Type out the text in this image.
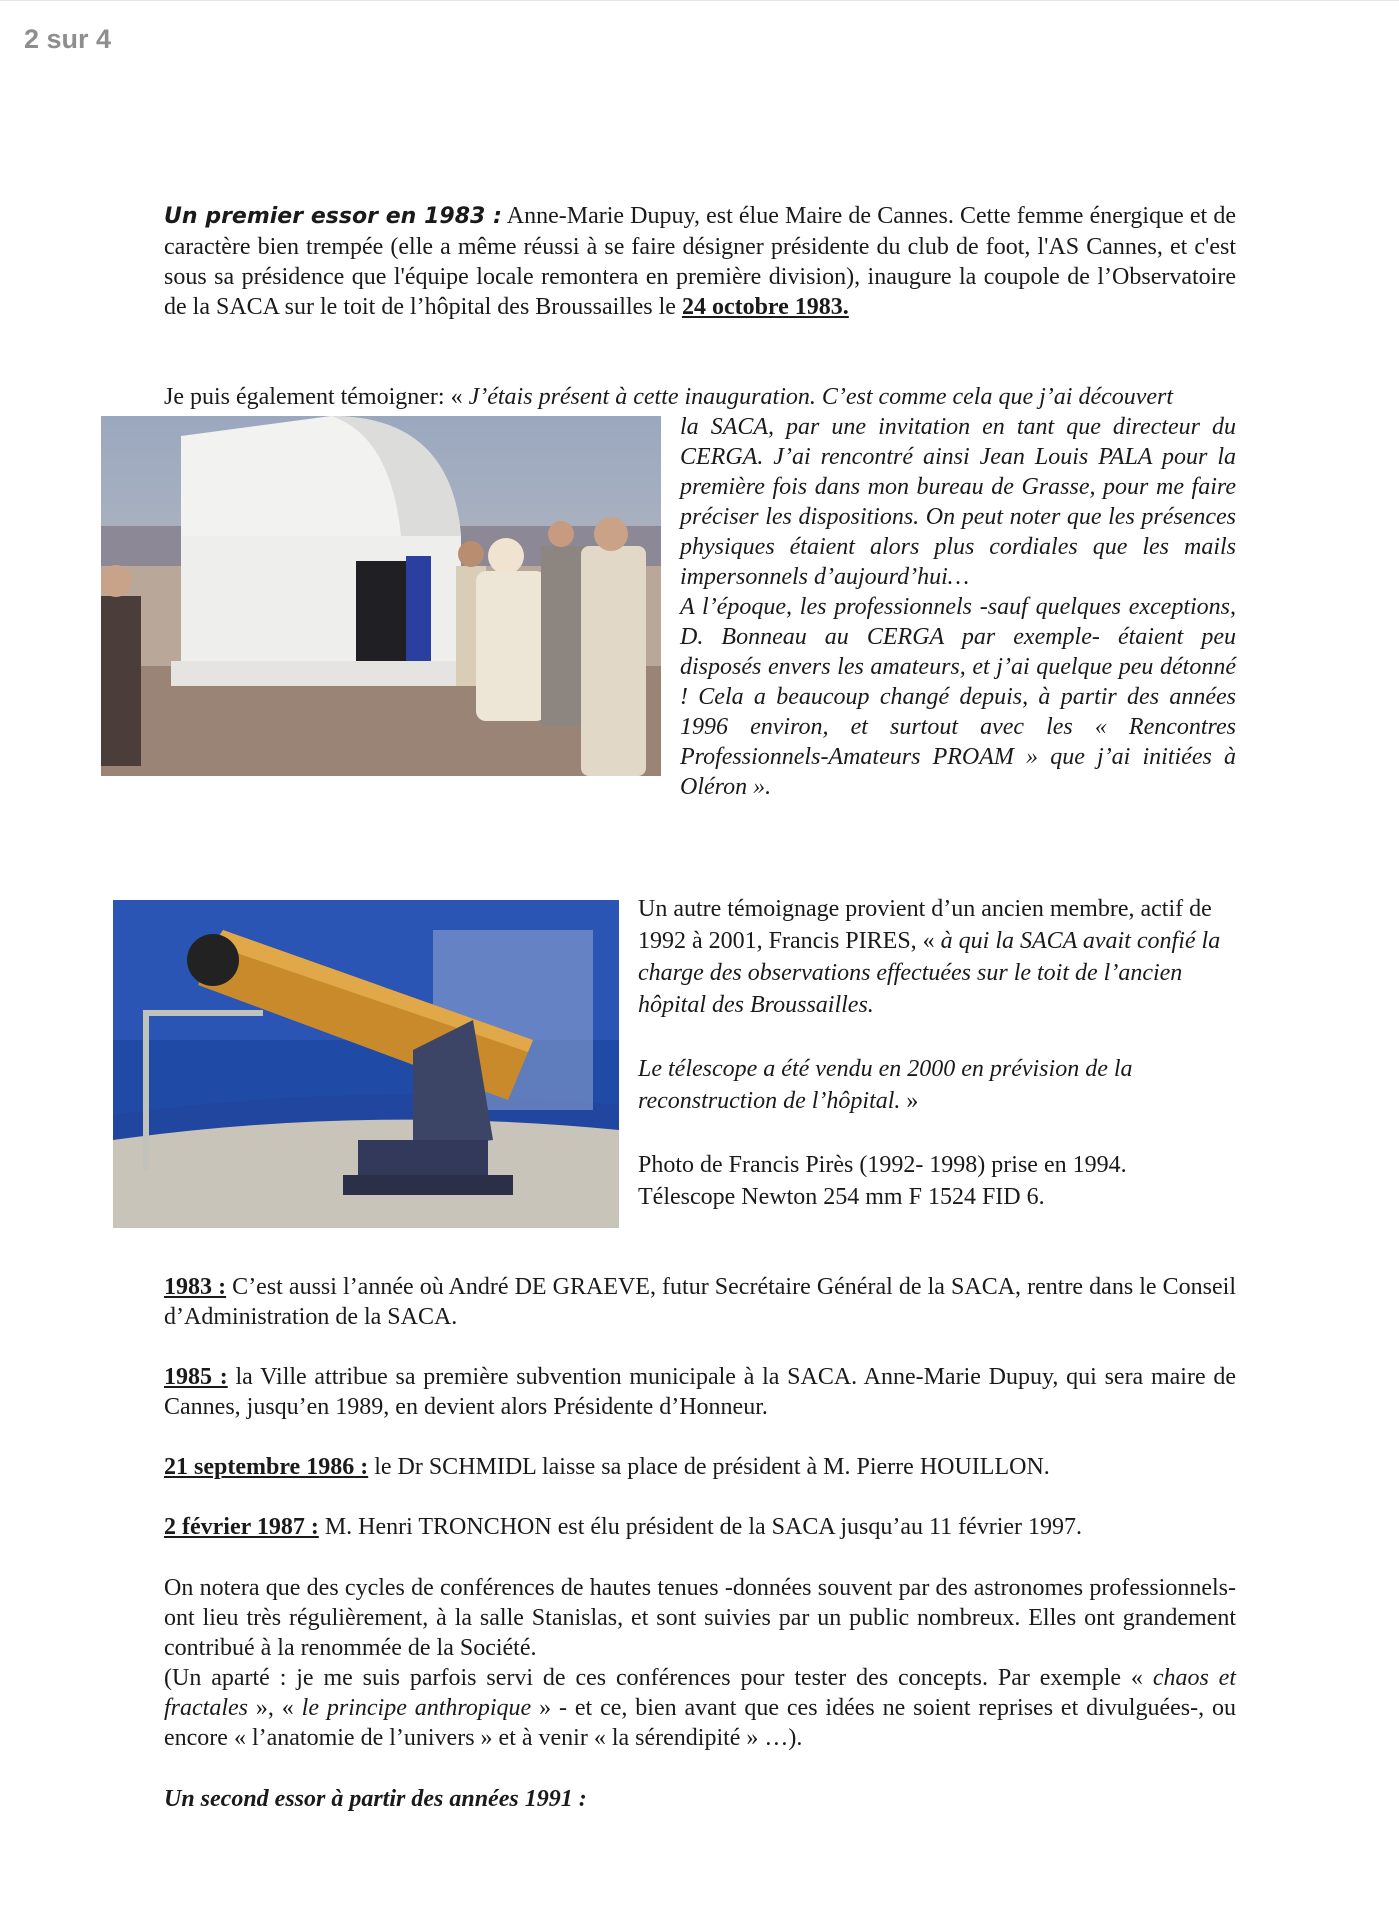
2 sur 4

Un premier essor en 1983 : Anne-Marie Dupuy, est élue Maire de Cannes. Cette femme énergique et de caractère bien trempée (elle a même réussi à se faire désigner présidente du club de foot, l'AS Cannes, et c'est sous sa présidence que l'équipe locale remontera en première division), inaugure la coupole de l’Observatoire de la SACA sur le toit de l’hôpital des Broussailles le 24 octobre 1983.

Je puis également témoigner: « J’étais présent à cette inauguration. C’est comme cela que j’ai découvert

la SACA, par une invitation en tant que directeur du CERGA. J’ai rencontré ainsi Jean Louis PALA pour la première fois dans mon bureau de Grasse, pour me faire préciser les dispositions. On peut noter que les présences physiques étaient alors plus cordiales que les mails impersonnels d’aujourd’hui…
A l’époque, les professionnels -sauf quelques exceptions, D. Bonneau au CERGA par exemple- étaient peu disposés envers les amateurs, et j’ai quelque peu détonné ! Cela a beaucoup changé depuis, à partir des années 1996 environ, et surtout avec les « Rencontres Professionnels-Amateurs PROAM » que j’ai initiées à Oléron ».
Un autre témoignage provient d’un ancien membre, actif de 1992 à 2001, Francis PIRES, « à qui la SACA avait confié la charge des observations effectuées sur le toit de l’ancien hôpital des Broussailles.
Le télescope a été vendu en 2000 en prévision de la reconstruction de l’hôpital. »
Photo de Francis Pirès (1992- 1998) prise en 1994.
Télescope Newton 254 mm F 1524 FID 6.

1983 : C’est aussi l’année où André DE GRAEVE, futur Secrétaire Général de la SACA, rentre dans le Conseil d’Administration de la SACA.

1985 : la Ville attribue sa première subvention municipale à la SACA. Anne-Marie Dupuy, qui sera maire de Cannes, jusqu’en 1989, en devient alors Présidente d’Honneur.

21 septembre 1986 : le Dr SCHMIDL laisse sa place de président à M. Pierre HOUILLON.

2 février 1987 : M. Henri TRONCHON est élu président de la SACA jusqu’au 11 février 1997.

On notera que des cycles de conférences de hautes tenues -données souvent par des astronomes professionnels- ont lieu très régulièrement, à la salle Stanislas, et sont suivies par un public nombreux. Elles ont grandement contribué à la renommée de la Société.
(Un aparté : je me suis parfois servi de ces conférences pour tester des concepts. Par exemple « chaos et fractales », « le principe anthropique » - et ce, bien avant que ces idées ne soient reprises et divulguées-, ou encore « l’anatomie de l’univers » et à venir « la sérendipité » …).

Un second essor à partir des années 1991 :
